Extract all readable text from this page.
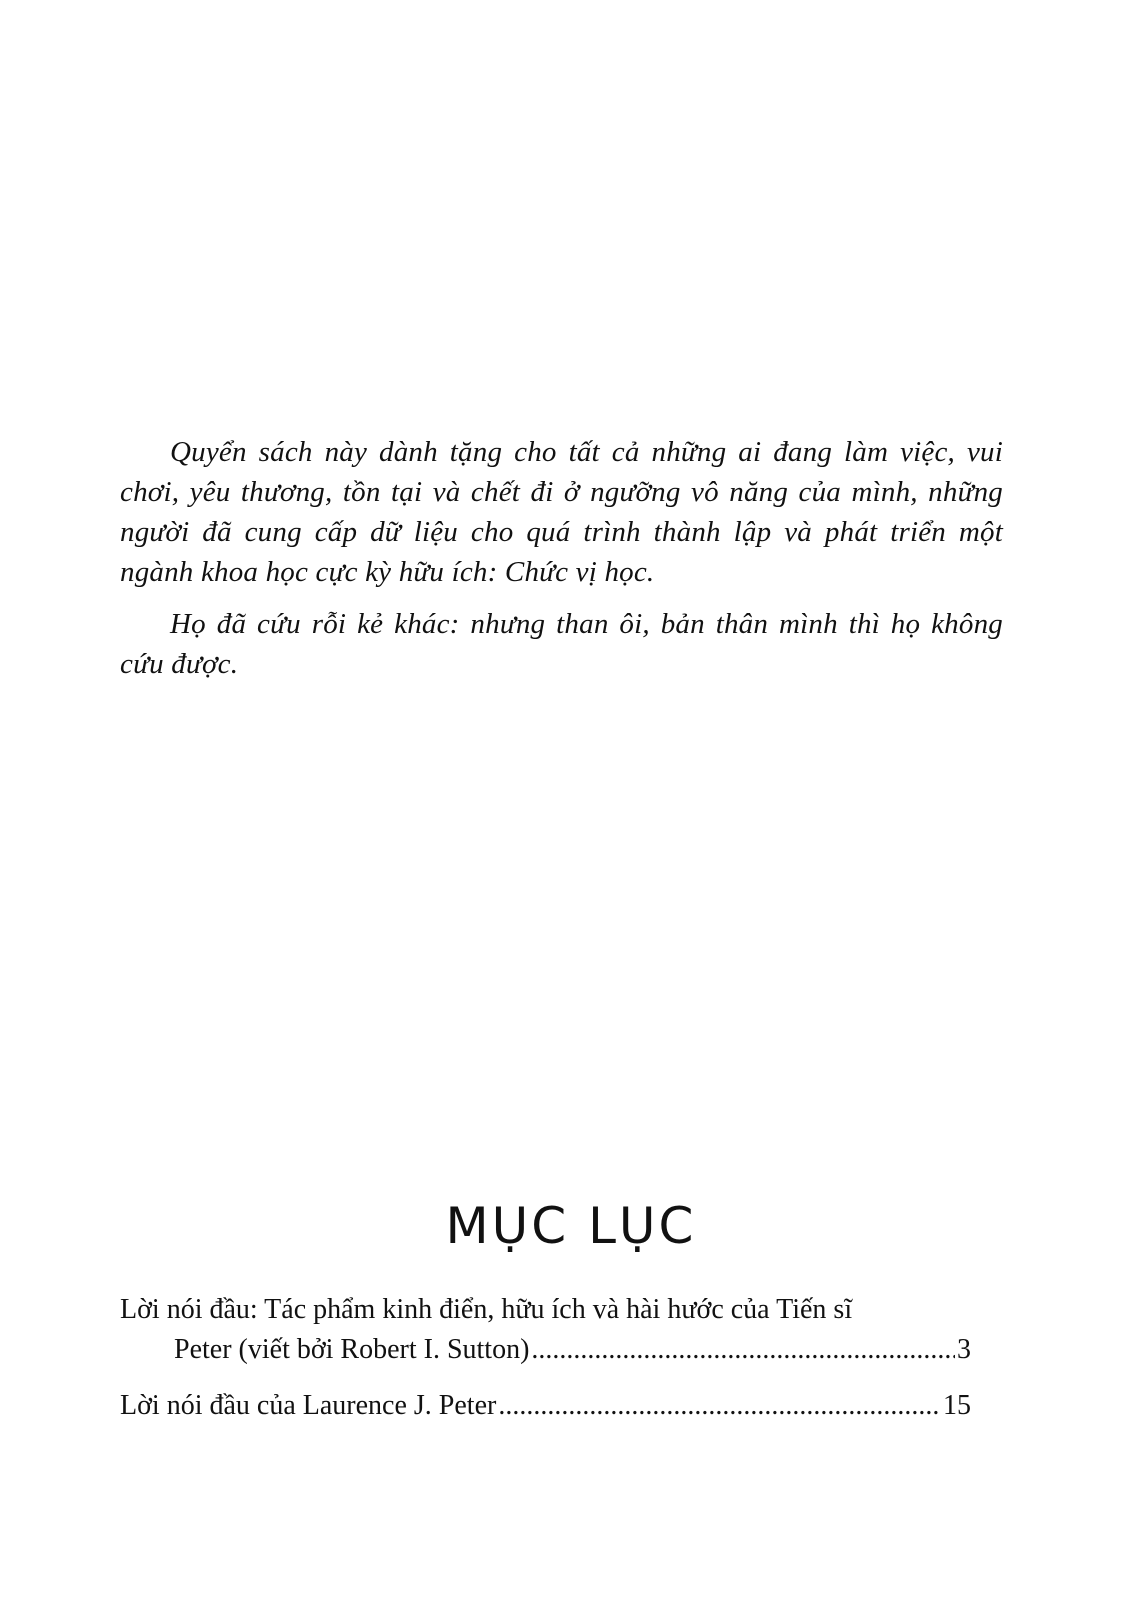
Quyển sách này dành tặng cho tất cả những ai đang làm việc, vui chơi, yêu thương, tồn tại và chết đi ở ngưỡng vô năng của mình, những người đã cung cấp dữ liệu cho quá trình thành lập và phát triển một ngành khoa học cực kỳ hữu ích: Chức vị học.

Họ đã cứu rỗi kẻ khác: nhưng than ôi, bản thân mình thì họ không cứu được.

MỤC LỤC
Lời nói đầu: Tác phẩm kinh điển, hữu ích và hài hước của Tiến sĩ
Peter (viết bởi Robert I. Sutton) .....	3
Lời nói đầu của Laurence J. Peter .....	15
